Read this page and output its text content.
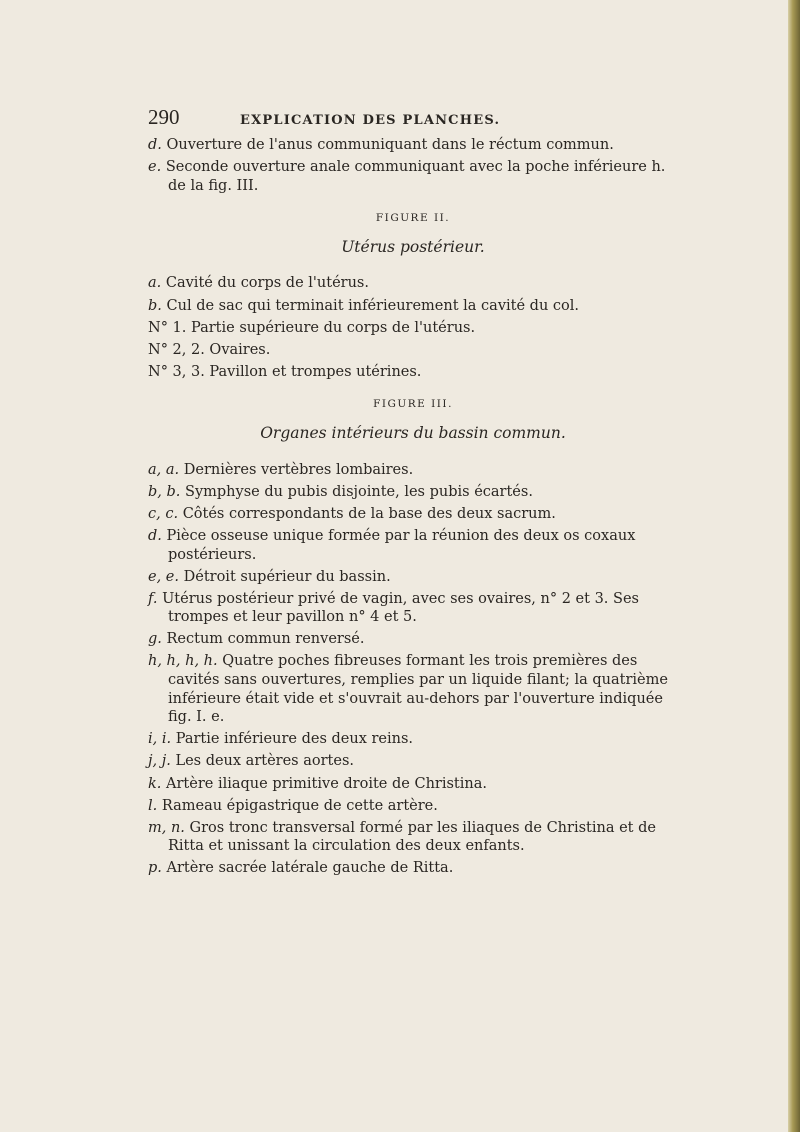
290	EXPLICATION DES PLANCHES.

d. Ouverture de l'anus communiquant dans le réctum commun.

e. Seconde ouverture anale communiquant avec la poche inférieure h. de la fig. III.

FIGURE II.
Utérus postérieur.

a. Cavité du corps de l'utérus.

b. Cul de sac qui terminait inférieurement la cavité du col.

N° 1. Partie supérieure du corps de l'utérus.

N° 2, 2. Ovaires.

N° 3, 3. Pavillon et trompes utérines.

FIGURE III.
Organes intérieurs du bassin commun.

a, a. Dernières vertèbres lombaires.

b, b. Symphyse du pubis disjointe, les pubis écartés.

c, c. Côtés correspondants de la base des deux sacrum.

d. Pièce osseuse unique formée par la réunion des deux os coxaux postérieurs.

e, e. Détroit supérieur du bassin.

f. Utérus postérieur privé de vagin, avec ses ovaires, n° 2 et 3. Ses trompes et leur pavillon n° 4 et 5.

g. Rectum commun renversé.

h, h, h, h. Quatre poches fibreuses formant les trois premières des cavités sans ouvertures, remplies par un liquide filant; la quatrième inférieure était vide et s'ouvrait au-dehors par l'ouverture indiquée fig. I. e.

i, i. Partie inférieure des deux reins.

j, j. Les deux artères aortes.

k. Artère iliaque primitive droite de Christina.

l. Rameau épigastrique de cette artère.

m, n. Gros tronc transversal formé par les iliaques de Christina et de Ritta et unissant la circulation des deux enfants.

p. Artère sacrée latérale gauche de Ritta.
